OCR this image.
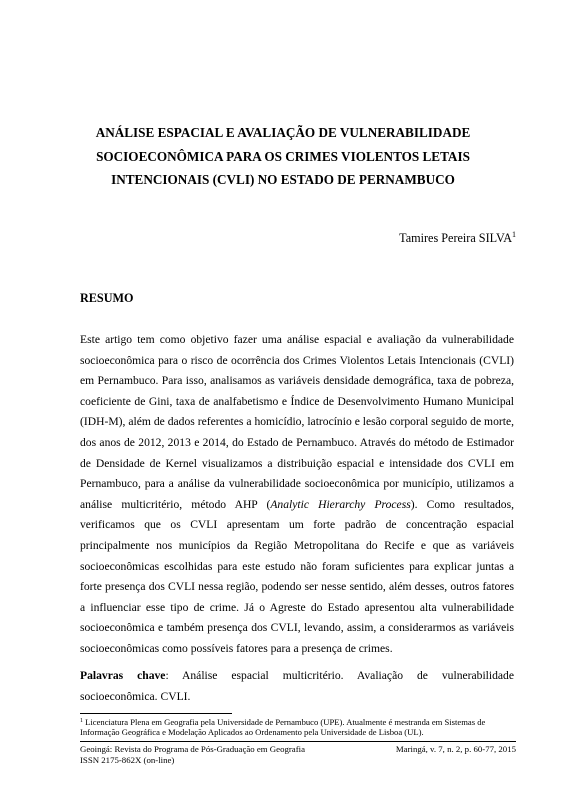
ANÁLISE ESPACIAL E AVALIAÇÃO DE VULNERABILIDADE
SOCIOECONÔMICA PARA OS CRIMES VIOLENTOS LETAIS
INTENCIONAIS (CVLI) NO ESTADO DE PERNAMBUCO
Tamires Pereira SILVA$^1$
RESUMO

Este artigo tem como objetivo fazer uma análise espacial e avaliação da vulnerabilidade socioeconômica para o risco de ocorrência dos Crimes Violentos Letais Intencionais (CVLI) em Pernambuco. Para isso, analisamos as variáveis densidade demográfica, taxa de pobreza, coeficiente de Gini, taxa de analfabetismo e Índice de Desenvolvimento Humano Municipal (IDH-M), além de dados referentes a homicídio, latrocínio e lesão corporal seguido de morte, dos anos de 2012, 2013 e 2014, do Estado de Pernambuco. Através do método de Estimador de Densidade de Kernel visualizamos a distribuição espacial e intensidade dos CVLI em Pernambuco, para a análise da vulnerabilidade socioeconômica por município, utilizamos a análise multicritério, método AHP (Analytic Hierarchy Process). Como resultados, verificamos que os CVLI apresentam um forte padrão de concentração espacial principalmente nos municípios da Região Metropolitana do Recife e que as variáveis socioeconômicas escolhidas para este estudo não foram suficientes para explicar juntas a forte presença dos CVLI nessa região, podendo ser nesse sentido, além desses, outros fatores a influenciar esse tipo de crime. Já o Agreste do Estado apresentou alta vulnerabilidade socioeconômica e também presença dos CVLI, levando, assim, a considerarmos as variáveis socioeconômicas como possíveis fatores para a presença de crimes.

Palavras chave: Análise espacial multicritério. Avaliação de vulnerabilidade socioeconômica. CVLI.
$^1$ Licenciatura Plena em Geografia pela Universidade de Pernambuco (UPE). Atualmente é mestranda em Sistemas de Informação Geográfica e Modelação Aplicados ao Ordenamento pela Universidade de Lisboa (UL).
Geoingá: Revista do Programa de Pós-Graduação em Geografia
ISSN 2175-862X (on-line)
Maringá, v. 7, n. 2, p. 60-77, 2015
